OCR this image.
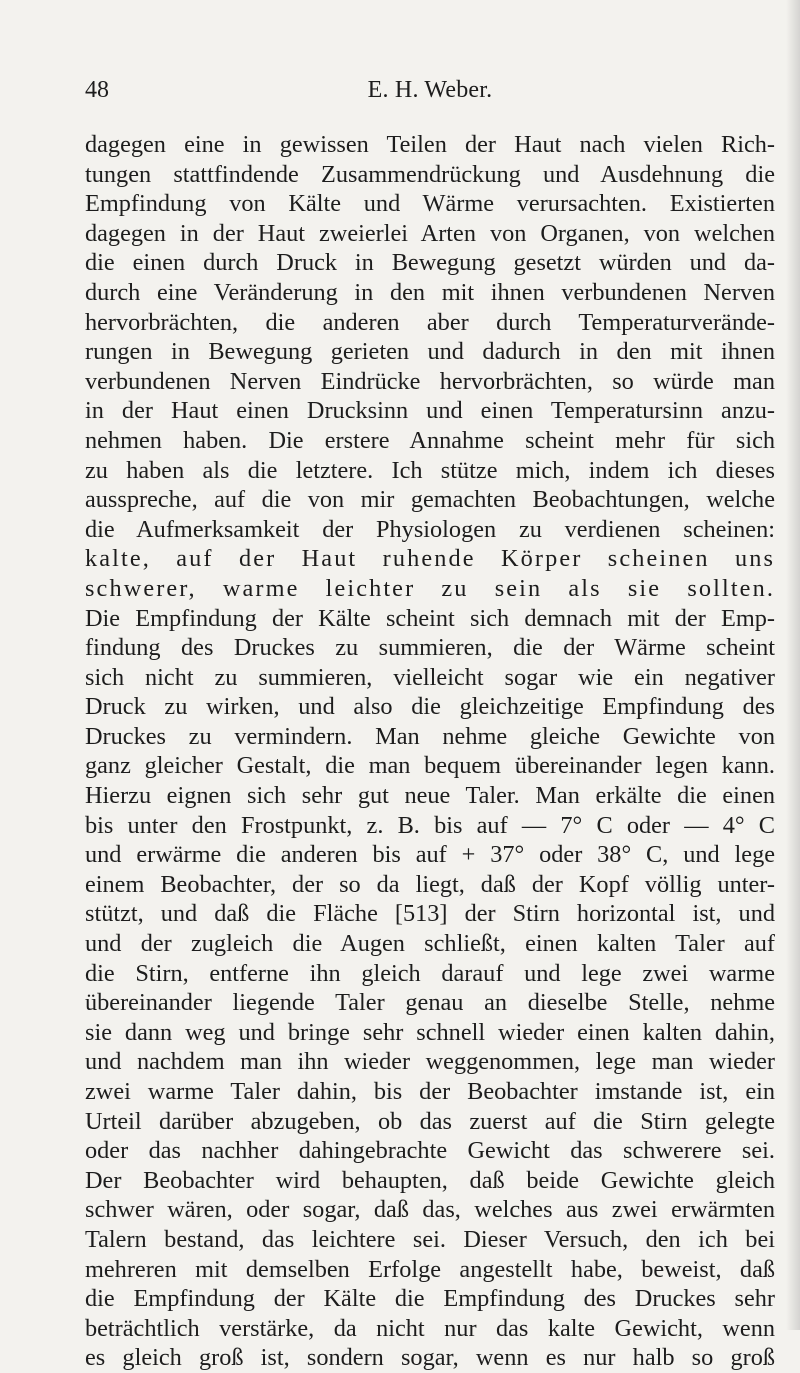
48	E. H. Weber.
dagegen eine in gewissen Teilen der Haut nach vielen Rich-
tungen stattfindende Zusammendrückung und Ausdehnung die
Empfindung von Kälte und Wärme verursachten. Existierten
dagegen in der Haut zweierlei Arten von Organen, von welchen
die einen durch Druck in Bewegung gesetzt würden und da-
durch eine Veränderung in den mit ihnen verbundenen Nerven
hervorbrächten, die anderen aber durch Temperaturverände-
rungen in Bewegung gerieten und dadurch in den mit ihnen
verbundenen Nerven Eindrücke hervorbrächten, so würde man
in der Haut einen Drucksinn und einen Temperatursinn anzu-
nehmen haben. Die erstere Annahme scheint mehr für sich
zu haben als die letztere. Ich stütze mich, indem ich dieses
ausspreche, auf die von mir gemachten Beobachtungen, welche
die Aufmerksamkeit der Physiologen zu verdienen scheinen:
kalte, auf der Haut ruhende Körper scheinen uns
schwerer, warme leichter zu sein als sie sollten.
Die Empfindung der Kälte scheint sich demnach mit der Emp-
findung des Druckes zu summieren, die der Wärme scheint
sich nicht zu summieren, vielleicht sogar wie ein negativer
Druck zu wirken, und also die gleichzeitige Empfindung des
Druckes zu vermindern. Man nehme gleiche Gewichte von
ganz gleicher Gestalt, die man bequem übereinander legen kann.
Hierzu eignen sich sehr gut neue Taler. Man erkälte die einen
bis unter den Frostpunkt, z. B. bis auf — 7° C oder — 4° C
und erwärme die anderen bis auf + 37° oder 38° C, und lege
einem Beobachter, der so da liegt, daß der Kopf völlig unter-
stützt, und daß die Fläche [513] der Stirn horizontal ist, und
und der zugleich die Augen schließt, einen kalten Taler auf
die Stirn, entferne ihn gleich darauf und lege zwei warme
übereinander liegende Taler genau an dieselbe Stelle, nehme
sie dann weg und bringe sehr schnell wieder einen kalten dahin,
und nachdem man ihn wieder weggenommen, lege man wieder
zwei warme Taler dahin, bis der Beobachter imstande ist, ein
Urteil darüber abzugeben, ob das zuerst auf die Stirn gelegte
oder das nachher dahingebrachte Gewicht das schwerere sei.
Der Beobachter wird behaupten, daß beide Gewichte gleich
schwer wären, oder sogar, daß das, welches aus zwei erwärmten
Talern bestand, das leichtere sei. Dieser Versuch, den ich bei
mehreren mit demselben Erfolge angestellt habe, beweist, daß
die Empfindung der Kälte die Empfindung des Druckes sehr
beträchtlich verstärke, da nicht nur das kalte Gewicht, wenn
es gleich groß ist, sondern sogar, wenn es nur halb so groß
